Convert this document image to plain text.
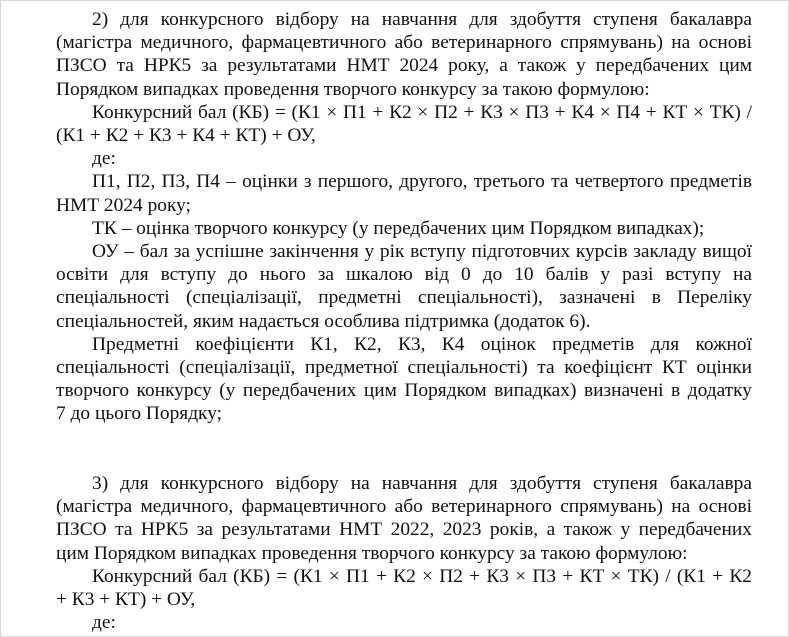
2) для конкурсного відбору на навчання для здобуття ступеня бакалавра

(магістра медичного, фармацевтичного або ветеринарного спрямувань) на основі

ПЗСО та НРК5 за результатами НМТ 2024 року, а також у передбачених цим

Порядком випадках проведення творчого конкурсу за такою формулою:

Конкурсний бал (КБ) = (К1 × П1 + К2 × П2 + К3 × П3 + К4 × П4 + КТ × ТК) /

(К1 + К2 + К3 + К4 + КТ) + ОУ,

де:

П1, П2, П3, П4 – оцінки з першого, другого, третього та четвертого предметів

НМТ 2024 року;

ТК – оцінка творчого конкурсу (у передбачених цим Порядком випадках);

ОУ – бал за успішне закінчення у рік вступу підготовчих курсів закладу вищої

освіти для вступу до нього за шкалою від 0 до 10 балів у разі вступу на

спеціальності (спеціалізації, предметні спеціальності), зазначені в Переліку

спеціальностей, яким надається особлива підтримка (додаток 6).

Предметні коефіцієнти К1, К2, К3, К4 оцінок предметів для кожної

спеціальності (спеціалізації, предметної спеціальності) та коефіцієнт КТ оцінки

творчого конкурсу (у передбачених цим Порядком випадках) визначені в додатку

7 до цього Порядку;

3) для конкурсного відбору на навчання для здобуття ступеня бакалавра

(магістра медичного, фармацевтичного або ветеринарного спрямувань) на основі

ПЗСО та НРК5 за результатами НМТ 2022, 2023 років, а також у передбачених

цим Порядком випадках проведення творчого конкурсу за такою формулою:

Конкурсний бал (КБ) = (К1 × П1 + К2 × П2 + К3 × П3 + КТ × ТК) / (К1 + К2

+ К3 + КТ) + ОУ,

де:
